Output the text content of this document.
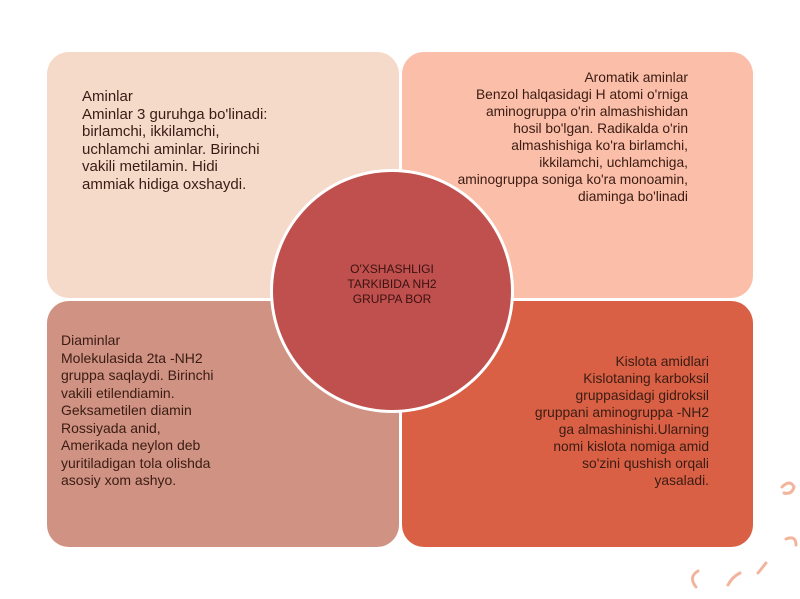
Aminlar
Aminlar 3 guruhga bo'linadi:
birlamchi, ikkilamchi,
uchlamchi aminlar. Birinchi
vakili metilamin. Hidi
ammiak hidiga oxshaydi.
Aromatik aminlar
Benzol halqasidagi H atomi o'rniga
aminogruppa o'rin almashishidan
hosil bo'lgan. Radikalda o'rin
almashishiga ko'ra birlamchi,
ikkilamchi, uchlamchiga,
aminogruppa soniga ko'ra monoamin,
diaminga bo'linadi
Diaminlar
Molekulasida 2ta -NH2
gruppa saqlaydi. Birinchi
vakili etilendiamin.
Geksametilen diamin
Rossiyada anid,
Amerikada neylon deb
yuritiladigan tola olishda
asosiy xom ashyo.
Kislota amidlari
Kislotaning karboksil
gruppasidagi gidroksil
gruppani aminogruppa -NH2
ga almashinishi.Ularning
nomi kislota nomiga amid
so'zini qushish orqali
yasaladi.
O'XSHASHLIGI
TARKIBIDA NH2
GRUPPA BOR
